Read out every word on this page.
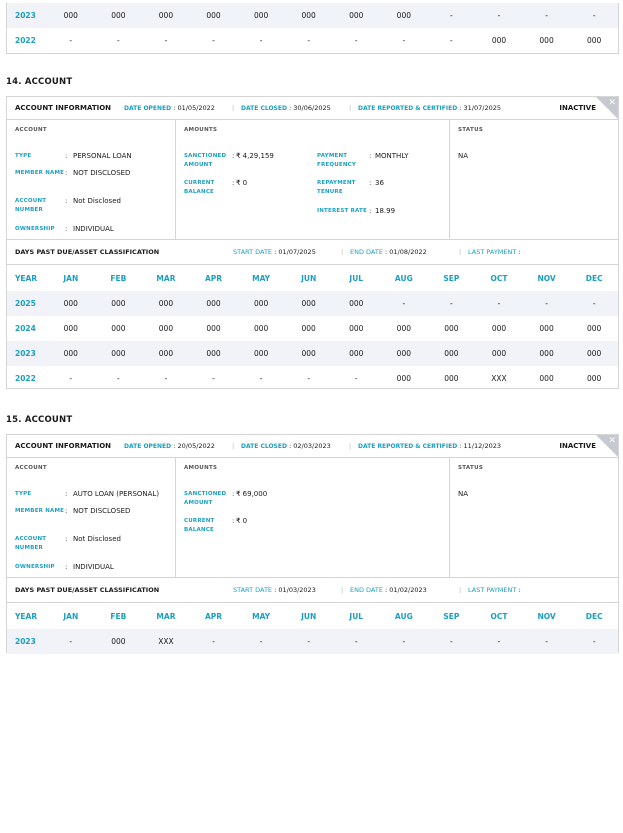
2023	000	000	000	000	000	000	000	000	-	-	-	-
2022	-	-	-	-	-	-	-	-	-	000	000	000
14. ACCOUNT
ACCOUNT INFORMATION DATE OPENED : 01/05/2022	|	DATE CLOSED : 30/06/2025	|	DATE REPORTED & CERTIFIED : 31/07/2025	INACTIVE ✕
ACCOUNT
TYPE	: PERSONAL LOAN
MEMBER NAME : NOT DISCLOSED
ACCOUNT NUMBER
: Not Disclosed
OWNERSHIP	: INDIVIDUAL
AMOUNTS
SANCTIONED AMOUNT
: ₹ 4,29,159
CURRENT BALANCE
: ₹ 0
PAYMENT FREQUENCY
: MONTHLY
REPAYMENT TENURE
: 36
INTEREST RATE : 18.99
STATUS
NA
DAYS PAST DUE/ASSET CLASSIFICATION	START DATE : 01/07/2025	|	END DATE : 01/08/2022	|	LAST PAYMENT :
YEAR	JAN	FEB	MAR	APR	MAY	JUN	JUL	AUG	SEP	OCT	NOV	DEC
2025	000	000	000	000	000	000	000	-	-	-	-	-
2024	000	000	000	000	000	000	000	000	000	000	000	000
2023	000	000	000	000	000	000	000	000	000	000	000	000
2022	-	-	-	-	-	-	-	000	000	XXX	000	000
15. ACCOUNT
ACCOUNT INFORMATION DATE OPENED : 20/05/2022	|	DATE CLOSED : 02/03/2023	|	DATE REPORTED & CERTIFIED : 11/12/2023	INACTIVE ✕
ACCOUNT
TYPE	: AUTO LOAN (PERSONAL)
MEMBER NAME : NOT DISCLOSED
ACCOUNT NUMBER
: Not Disclosed
OWNERSHIP	: INDIVIDUAL
AMOUNTS
SANCTIONED AMOUNT
: ₹ 69,000
CURRENT BALANCE
: ₹ 0
STATUS
NA
DAYS PAST DUE/ASSET CLASSIFICATION	START DATE : 01/03/2023	|	END DATE : 01/02/2023	|	LAST PAYMENT :
YEAR	JAN	FEB	MAR	APR	MAY	JUN	JUL	AUG	SEP	OCT	NOV	DEC
2023	-	000	XXX	-	-	-	-	-	-	-	-	-
